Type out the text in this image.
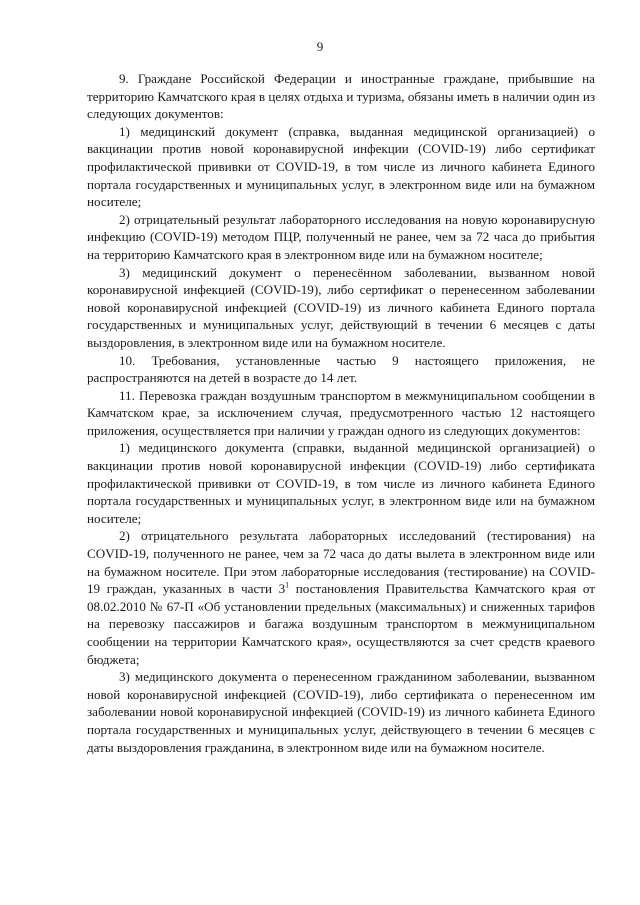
9

9. Граждане Российской Федерации и иностранные граждане, прибывшие на территорию Камчатского края в целях отдыха и туризма, обязаны иметь в наличии один из следующих документов:

1) медицинский документ (справка, выданная медицинской организацией) о вакцинации против новой коронавирусной инфекции (COVID-19) либо сертификат профилактической прививки от COVID-19, в том числе из личного кабинета Единого портала государственных и муниципальных услуг, в электронном виде или на бумажном носителе;

2) отрицательный результат лабораторного исследования на новую коронавирусную инфекцию (COVID-19) методом ПЦР, полученный не ранее, чем за 72 часа до прибытия на территорию Камчатского края в электронном виде или на бумажном носителе;

3) медицинский документ о перенесённом заболевании, вызванном новой коронавирусной инфекцией (COVID-19), либо сертификат о перенесенном заболевании новой коронавирусной инфекцией (COVID-19) из личного кабинета Единого портала государственных и муниципальных услуг, действующий в течении 6 месяцев с даты выздоровления, в электронном виде или на бумажном носителе.

10. Требования, установленные частью 9 настоящего приложения, не распространяются на детей в возрасте до 14 лет.

11. Перевозка граждан воздушным транспортом в межмуниципальном сообщении в Камчатском крае, за исключением случая, предусмотренного частью 12 настоящего приложения, осуществляется при наличии у граждан одного из следующих документов:

1) медицинского документа (справки, выданной медицинской организацией) о вакцинации против новой коронавирусной инфекции (COVID-19) либо сертификата профилактической прививки от COVID-19, в том числе из личного кабинета Единого портала государственных и муниципальных услуг, в электронном виде или на бумажном носителе;

2) отрицательного результата лабораторных исследований (тестирования) на COVID-19, полученного не ранее, чем за 72 часа до даты вылета в электронном виде или на бумажном носителе. При этом лабораторные исследования (тестирование) на COVID-19 граждан, указанных в части $3^1$ постановления Правительства Камчатского края от 08.02.2010 № 67-П «Об установлении предельных (максимальных) и сниженных тарифов на перевозку пассажиров и багажа воздушным транспортом в межмуниципальном сообщении на территории Камчатского края», осуществляются за счет средств краевого бюджета;

3) медицинского документа о перенесенном гражданином заболевании, вызванном новой коронавирусной инфекцией (COVID-19), либо сертификата о перенесенном им заболевании новой коронавирусной инфекцией (COVID-19) из личного кабинета Единого портала государственных и муниципальных услуг, действующего в течении 6 месяцев с даты выздоровления гражданина, в электронном виде или на бумажном носителе.
